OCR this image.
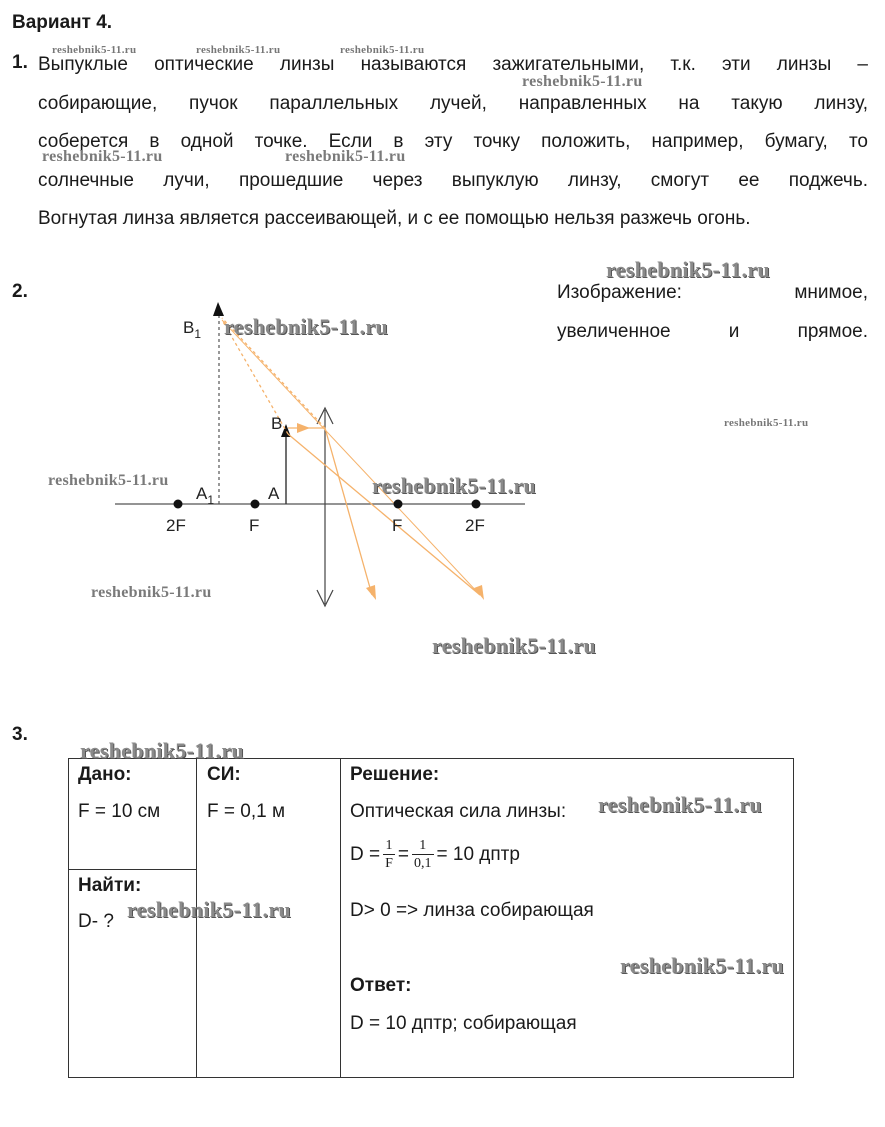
Вариант 4.
1. Выпуклые оптические линзы называются зажигательными, т.к. эти линзы –
собирающие, пучок параллельных лучей, направленных на такую линзу,
соберется в одной точке. Если в эту точку положить, например, бумагу, то
солнечные лучи, прошедшие через выпуклую линзу, смогут ее поджечь.
Вогнутая линза является рассеивающей, и с ее помощью нельзя разжечь огонь.
2.	Изображение: мнимое,
увеличенное и прямое.
$B_1$
B
$A_1$	A
2F	F	F	2F
3.
Дано:
F = 10 см
Найти:
D- ?
СИ:
F = 0,1 м
Решение:
Оптическая сила линзы:
$D = \frac{1}{F} = \frac{1}{0,1} = 10$ дптр
D> 0 => линза собирающая
Ответ:
D = 10 дптр; собирающая
reshebnik5-11.ru	reshebnik5-11.ru	reshebnik5-11.ru
reshebnik5-11.ru
reshebnik5-11.ru	reshebnik5-11.ru
reshebnik5-11.ru
reshebnik5-11.ru
reshebnik5-11.ru
reshebnik5-11.ru	reshebnik5-11.ru
reshebnik5-11.ru
reshebnik5-11.ru
reshebnik5-11.ru
reshebnik5-11.ru
reshebnik5-11.ru
reshebnik5-11.ru
